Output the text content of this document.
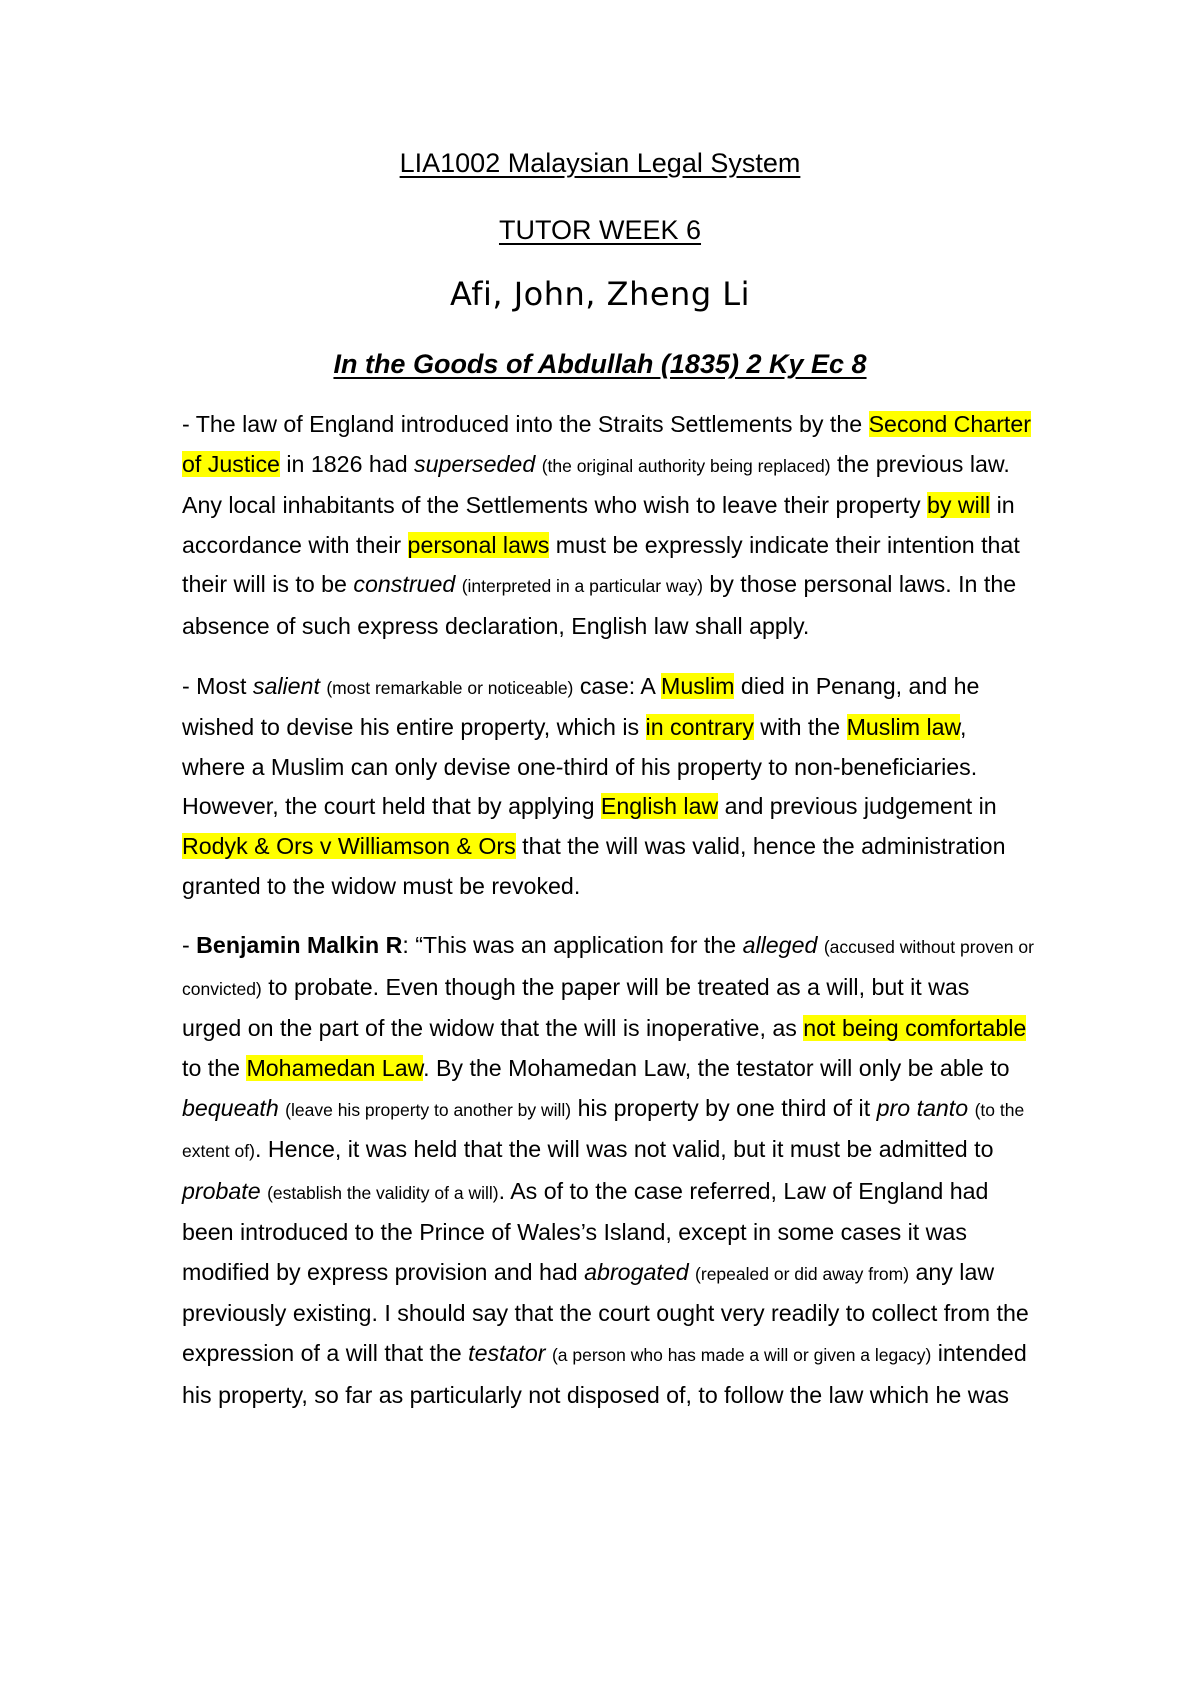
LIA1002 Malaysian Legal System
TUTOR WEEK 6
Afi, John, Zheng Li
In the Goods of Abdullah (1835) 2 Ky Ec 8

- The law of England introduced into the Straits Settlements by the Second Charter of Justice in 1826 had superseded (the original authority being replaced) the previous law. Any local inhabitants of the Settlements who wish to leave their property by will in accordance with their personal laws must be expressly indicate their intention that their will is to be construed (interpreted in a particular way) by those personal laws. In the absence of such express declaration, English law shall apply.

- Most salient (most remarkable or noticeable) case: A Muslim died in Penang, and he wished to devise his entire property, which is in contrary with the Muslim law, where a Muslim can only devise one-third of his property to non-beneficiaries. However, the court held that by applying English law and previous judgement in Rodyk & Ors v Williamson & Ors that the will was valid, hence the administration granted to the widow must be revoked.

- Benjamin Malkin R: “This was an application for the alleged (accused without proven or convicted) to probate. Even though the paper will be treated as a will, but it was urged on the part of the widow that the will is inoperative, as not being comfortable to the Mohamedan Law. By the Mohamedan Law, the testator will only be able to bequeath (leave his property to another by will) his property by one third of it pro tanto (to the extent of). Hence, it was held that the will was not valid, but it must be admitted to probate (establish the validity of a will). As of to the case referred, Law of England had been introduced to the Prince of Wales’s Island, except in some cases it was modified by express provision and had abrogated (repealed or did away from) any law previously existing. I should say that the court ought very readily to collect from the expression of a will that the testator (a person who has made a will or given a legacy) intended his property, so far as particularly not disposed of, to follow the law which he was
